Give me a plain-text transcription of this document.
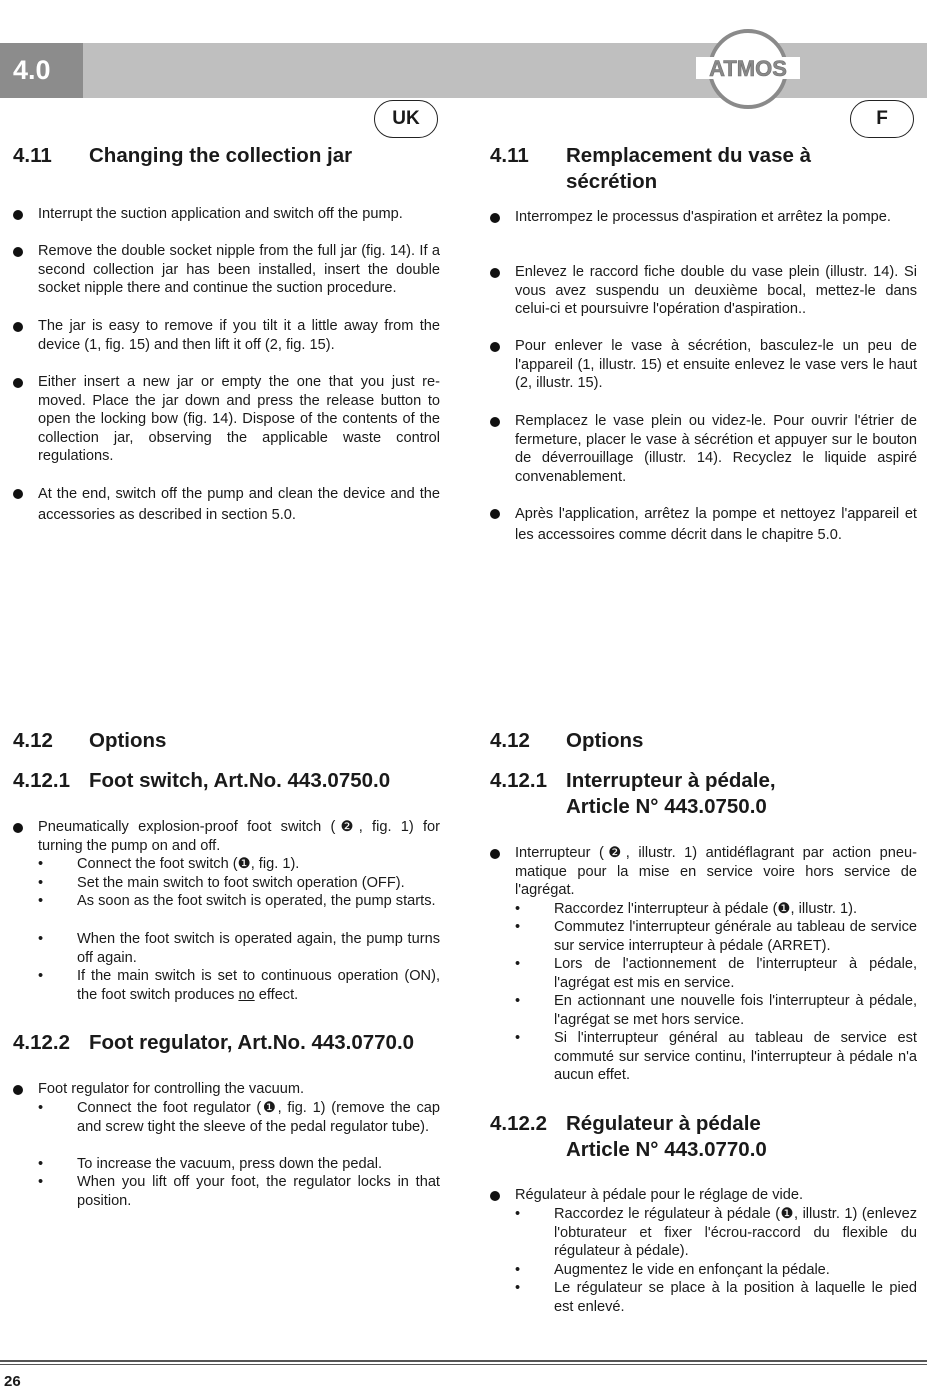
4.0	ATMOS
UK	F
4.11 Changing the collection jar
Interrupt the suction application and switch off the pump.
Remove the double socket nipple from the full jar (fig. 14). If a second collection jar has been installed, insert the double socket nipple there and continue the suction procedure.
The jar is easy to remove if you tilt it a little away from the device (1, fig. 15) and then lift it off (2, fig. 15).
Either insert a new jar or empty the one that you just re-moved. Place the jar down and press the release button to open the locking bow (fig. 14). Dispose of the contents of the collection jar, observing the applicable waste control regulations.
At the end, switch off the pump and clean the device and the accessories as described in section 5.0.
4.12 Options
4.12.1 Foot switch, Art.No. 443.0750.0
Pneumatically explosion-proof foot switch (❷, fig. 1) for turning the pump on and off.
• Connect the foot switch (❶, fig. 1).
• Set the main switch to foot switch operation (OFF).
• As soon as the foot switch is operated, the pump starts.
• When the foot switch is operated again, the pump turns off again.
• If the main switch is set to continuous operation (ON), the foot switch produces no effect.
4.12.2 Foot regulator, Art.No. 443.0770.0
Foot regulator for controlling the vacuum.
• Connect the foot regulator (❶, fig. 1) (remove the cap and screw tight the sleeve of the pedal regulator tube).
• To increase the vacuum, press down the pedal.
• When you lift off your foot, the regulator locks in that position.
4.11 Remplacement du vase à
sécrétion
Interrompez le processus d'aspiration et arrêtez la pompe.
Enlevez le raccord fiche double du vase plein (illustr. 14). Si vous avez suspendu un deuxième bocal, mettez-le dans celui-ci et poursuivre l'opération d'aspiration..
Pour enlever le vase à sécrétion, basculez-le un peu de l'appareil (1, illustr. 15) et ensuite enlevez le vase vers le haut (2, illustr. 15).
Remplacez le vase plein ou videz-le. Pour ouvrir l'étrier de fermeture, placer le vase à sécrétion et appuyer sur le bouton de déverrouillage (illustr. 14). Recyclez le liquide aspiré convenablement.
Après l'application, arrêtez la pompe et nettoyez l'appareil et les accessoires comme décrit dans le chapitre 5.0.
4.12 Options
4.12.1 Interrupteur à pédale,
Article N° 443.0750.0
Interrupteur (❷, illustr. 1) antidéflagrant par action pneu-matique pour la mise en service voire hors service de l'agrégat.
• Raccordez l'interrupteur à pédale (❶, illustr. 1).
• Commutez l'interrupteur générale au tableau de service sur service interrupteur à pédale (ARRET).
• Lors de l'actionnement de l'interrupteur à pédale, l'agrégat est mis en service.
• En actionnant une nouvelle fois l'interrupteur à pédale, l'agrégat se met hors service.
• Si l'interrupteur général au tableau de service est commuté sur service continu, l'interrupteur à pédale n'a aucun effet.
4.12.2 Régulateur à pédale
Article N° 443.0770.0
Régulateur à pédale pour le réglage de vide.
• Raccordez le régulateur à pédale (❶, illustr. 1) (enlevez l'obturateur et fixer l'écrou-raccord du flexible du régulateur à pédale).
• Augmentez le vide en enfonçant la pédale.
• Le régulateur se place à la position à laquelle le pied est enlevé.
26
